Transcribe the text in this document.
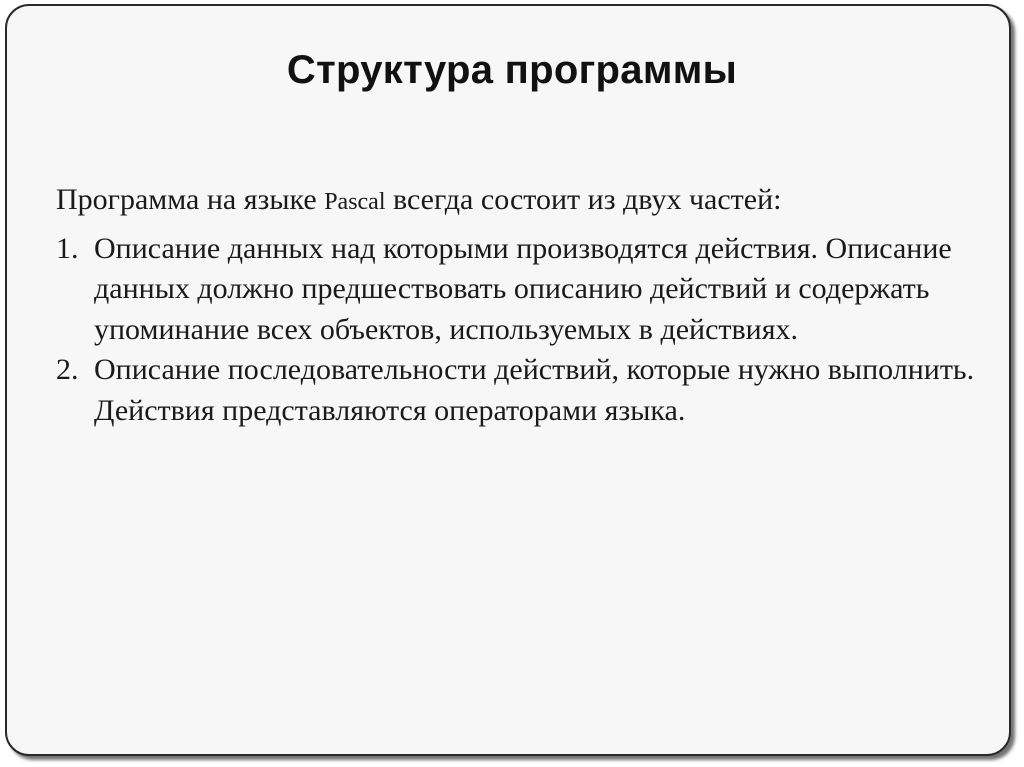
Структура программы

Программа на языке Pascal всегда состоит из двух частей:

1. Описание данных над которыми производятся действия. Описание данных должно предшествовать описанию действий и содержать упоминание всех объектов, используемых в действиях.
2. Описание последовательности действий, которые нужно выполнить. Действия представляются операторами языка.
